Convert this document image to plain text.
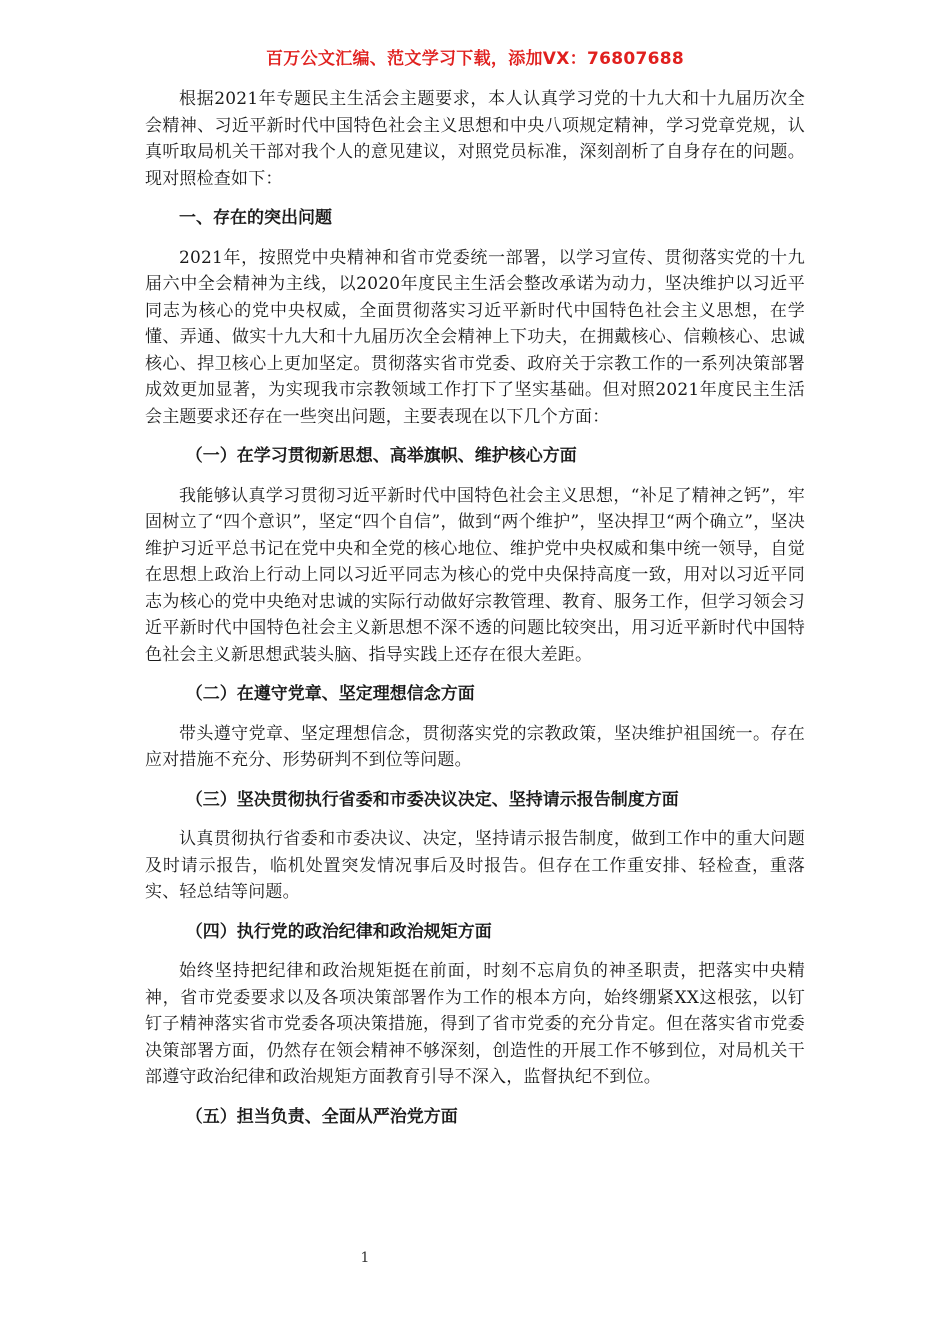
百万公文汇编、范文学习下载，添加VX：76807688

根据2021年专题民主生活会主题要求，本人认真学习党的十九大和十九届历次全会精神、习近平新时代中国特色社会主义思想和中央八项规定精神，学习党章党规，认真听取局机关干部对我个人的意见建议，对照党员标准，深刻剖析了自身存在的问题。现对照检查如下：

一、存在的突出问题

2021年，按照党中央精神和省市党委统一部署，以学习宣传、贯彻落实党的十九届六中全会精神为主线，以2020年度民主生活会整改承诺为动力，坚决维护以习近平同志为核心的党中央权威，全面贯彻落实习近平新时代中国特色社会主义思想，在学懂、弄通、做实十九大和十九届历次全会精神上下功夫，在拥戴核心、信赖核心、忠诚核心、捍卫核心上更加坚定。贯彻落实省市党委、政府关于宗教工作的一系列决策部署成效更加显著，为实现我市宗教领域工作打下了坚实基础。但对照2021年度民主生活会主题要求还存在一些突出问题，主要表现在以下几个方面：

（一）在学习贯彻新思想、高举旗帜、维护核心方面

我能够认真学习贯彻习近平新时代中国特色社会主义思想，“补足了精神之钙”，牢固树立了“四个意识”，坚定“四个自信”，做到“两个维护”，坚决捍卫“两个确立”，坚决维护习近平总书记在党中央和全党的核心地位、维护党中央权威和集中统一领导，自觉在思想上政治上行动上同以习近平同志为核心的党中央保持高度一致，用对以习近平同志为核心的党中央绝对忠诚的实际行动做好宗教管理、教育、服务工作，但学习领会习近平新时代中国特色社会主义新思想不深不透的问题比较突出，用习近平新时代中国特色社会主义新思想武装头脑、指导实践上还存在很大差距。

（二）在遵守党章、坚定理想信念方面

带头遵守党章、坚定理想信念，贯彻落实党的宗教政策，坚决维护祖国统一。存在应对措施不充分、形势研判不到位等问题。

（三）坚决贯彻执行省委和市委决议决定、坚持请示报告制度方面

认真贯彻执行省委和市委决议、决定，坚持请示报告制度，做到工作中的重大问题及时请示报告，临机处置突发情况事后及时报告。但存在工作重安排、轻检查，重落实、轻总结等问题。

（四）执行党的政治纪律和政治规矩方面

始终坚持把纪律和政治规矩挺在前面，时刻不忘肩负的神圣职责，把落实中央精神，省市党委要求以及各项决策部署作为工作的根本方向，始终绷紧XX这根弦，以钉钉子精神落实省市党委各项决策措施，得到了省市党委的充分肯定。但在落实省市党委决策部署方面，仍然存在领会精神不够深刻，创造性的开展工作不够到位，对局机关干部遵守政治纪律和政治规矩方面教育引导不深入，监督执纪不到位。

（五）担当负责、全面从严治党方面

1
